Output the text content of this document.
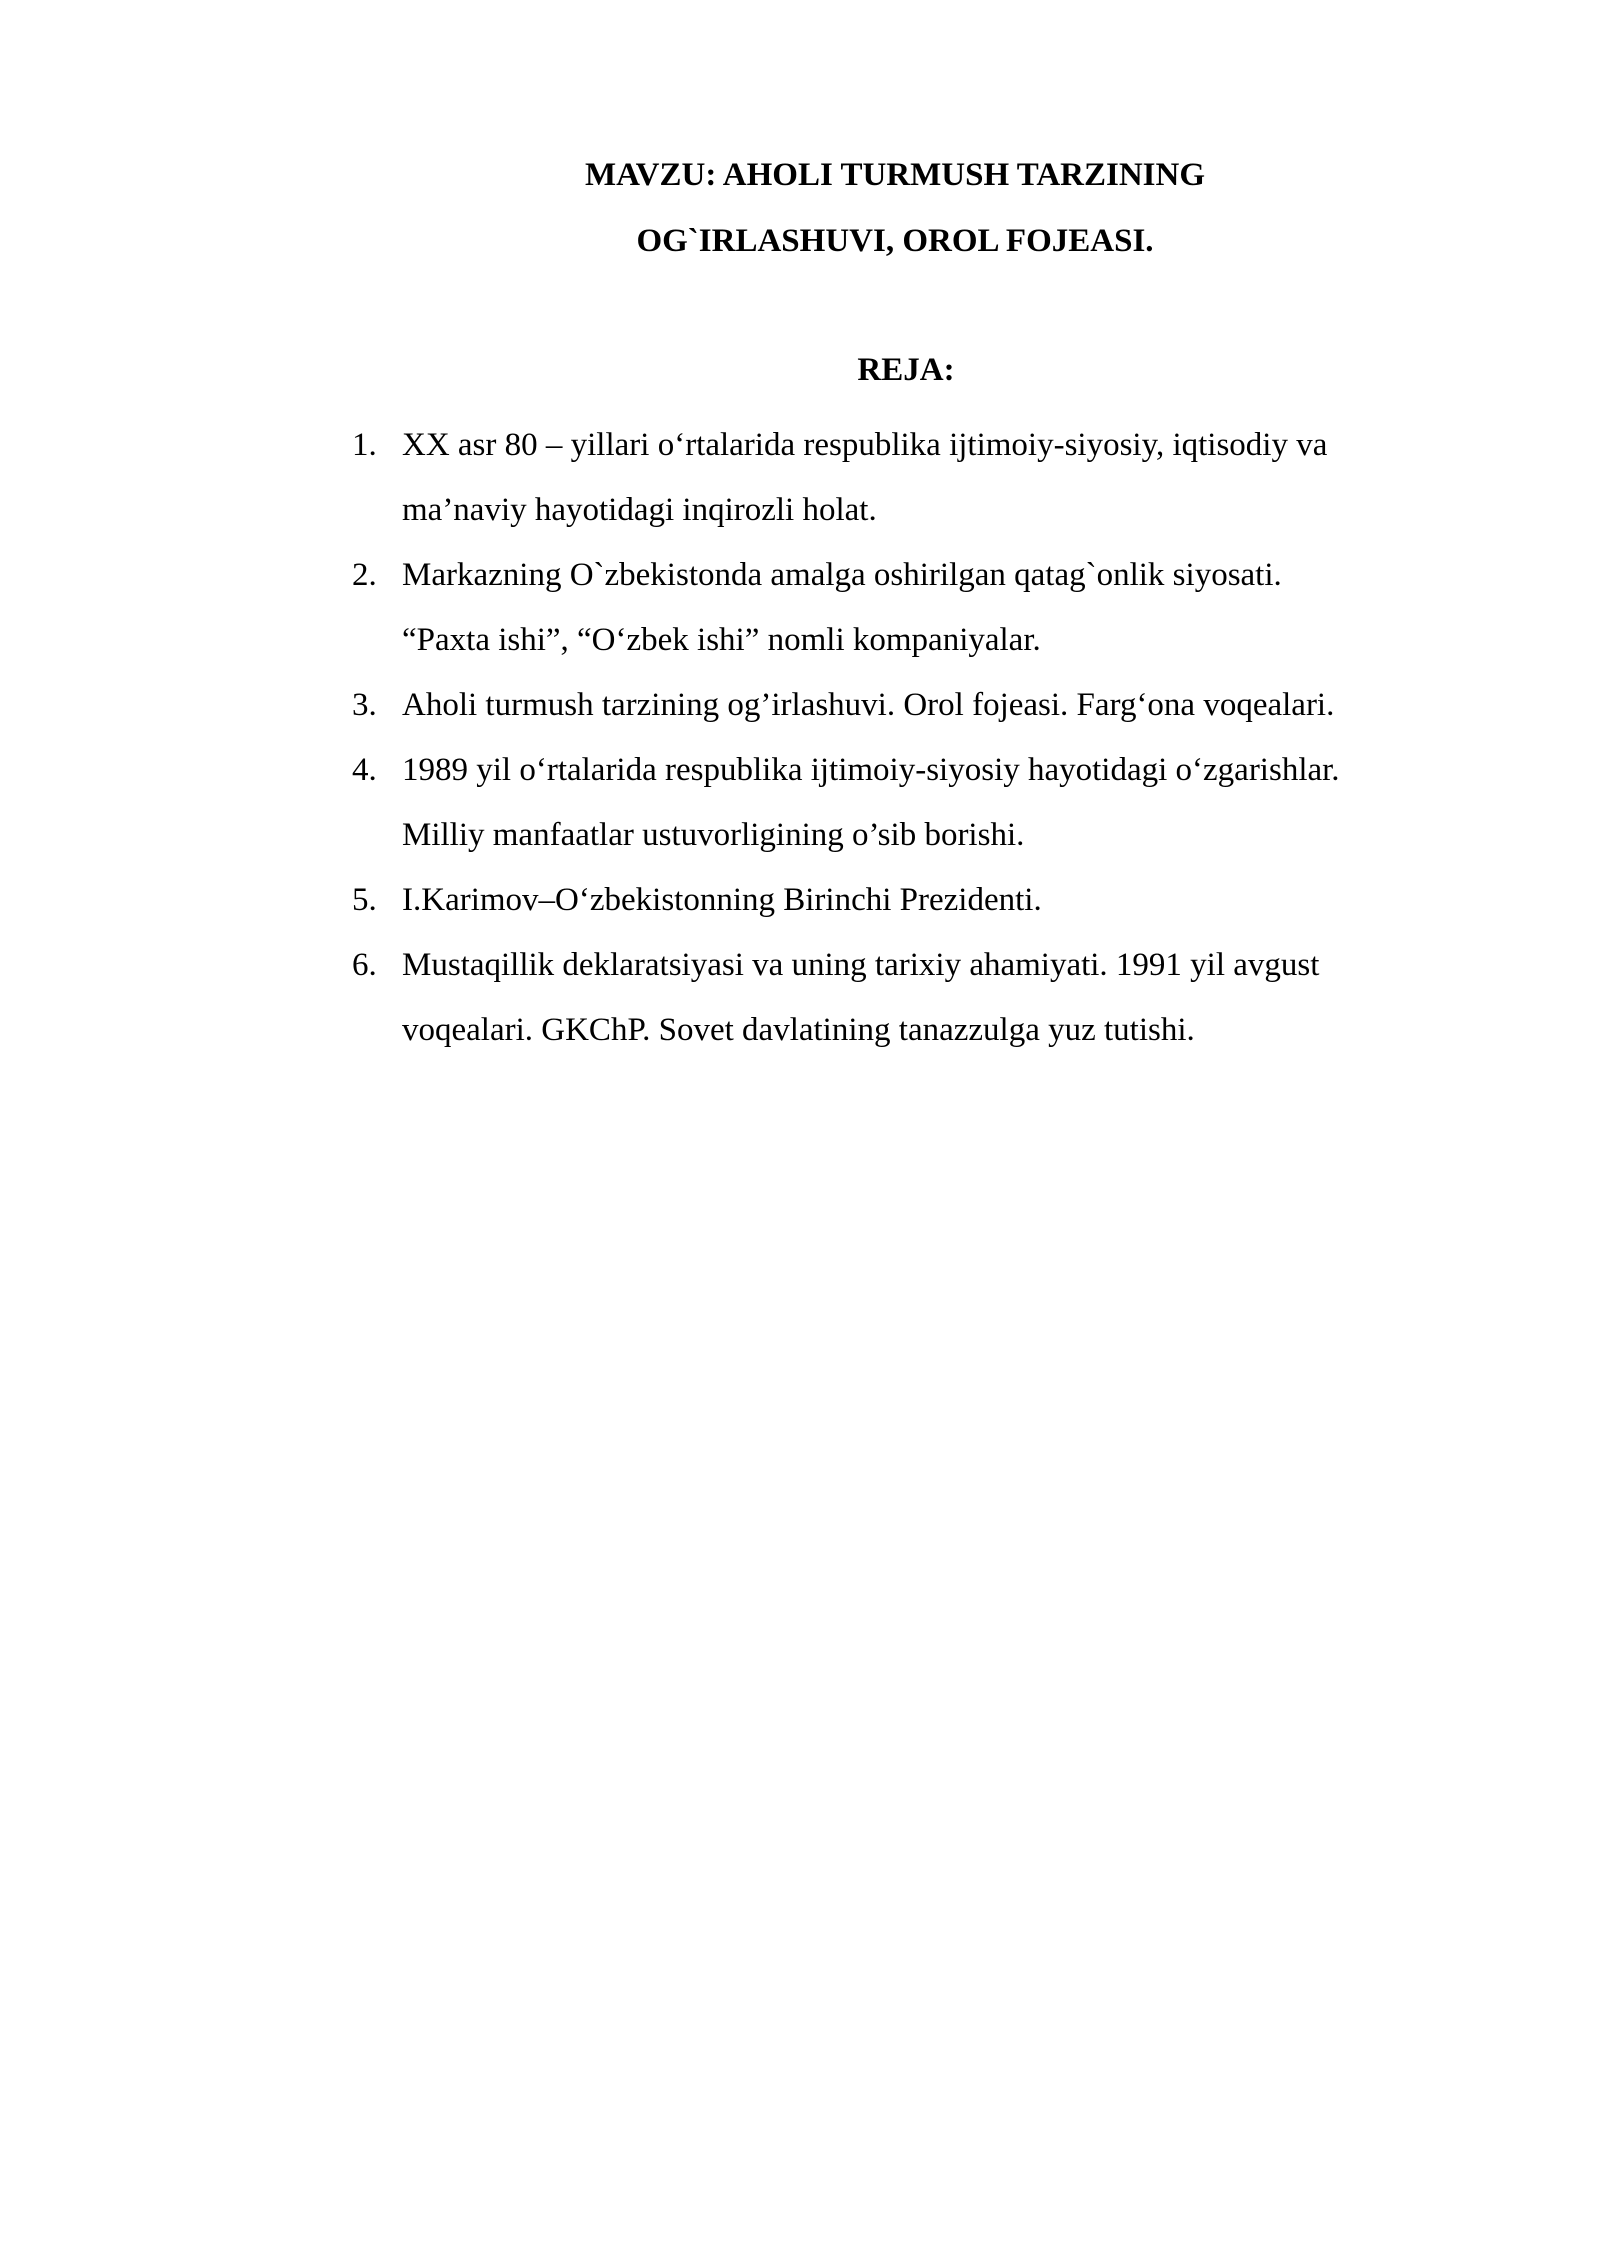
MAVZU: AHOLI TURMUSH TARZINING
OG`IRLASHUVI, OROL FOJEASI.
REJA:
1. XX asr 80 – yillari o‘rtalarida respublika ijtimoiy-siyosiy, iqtisodiy va
ma’naviy hayotidagi inqirozli holat.
2. Markazning O`zbekistonda amalga oshirilgan qatag`onlik siyosati.
“Paxta ishi”, “O‘zbek ishi” nomli kompaniyalar.
3. Aholi turmush tarzining og’irlashuvi. Orol fojeasi. Farg‘ona voqealari.
4. 1989 yil o‘rtalarida respublika ijtimoiy-siyosiy hayotidagi o‘zgarishlar.
Milliy manfaatlar ustuvorligining o’sib borishi.
5. I.Karimov–O‘zbekistonning Birinchi Prezidenti.
6. Mustaqillik deklaratsiyasi va uning tarixiy ahamiyati. 1991 yil avgust
voqealari. GKChP. Sovet davlatining tanazzulga yuz tutishi.
